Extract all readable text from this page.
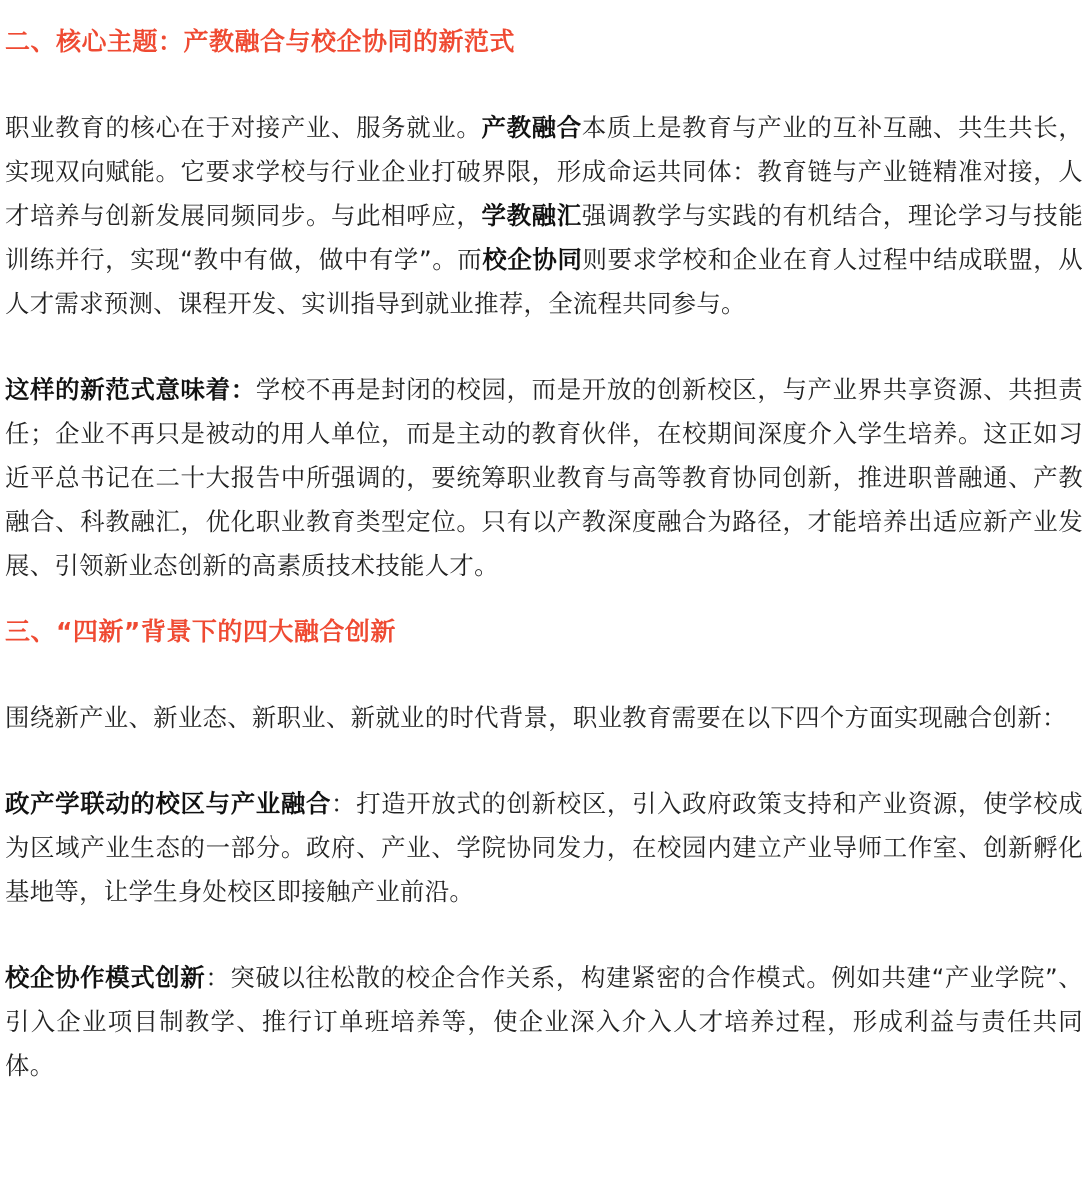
二、核心主题：产教融合与校企协同的新范式

职业教育的核心在于对接产业、服务就业。产教融合本质上是教育与产业的互补互融、共生共长，实现双向赋能。它要求学校与行业企业打破界限，形成命运共同体：教育链与产业链精准对接，人才培养与创新发展同频同步。与此相呼应，学教融汇强调教学与实践的有机结合，理论学习与技能训练并行，实现“教中有做，做中有学”。而校企协同则要求学校和企业在育人过程中结成联盟，从人才需求预测、课程开发、实训指导到就业推荐，全流程共同参与。

这样的新范式意味着：学校不再是封闭的校园，而是开放的创新校区，与产业界共享资源、共担责任；企业不再只是被动的用人单位，而是主动的教育伙伴，在校期间深度介入学生培养。这正如习近平总书记在二十大报告中所强调的，要统筹职业教育与高等教育协同创新，推进职普融通、产教融合、科教融汇，优化职业教育类型定位。只有以产教深度融合为路径，才能培养出适应新产业发展、引领新业态创新的高素质技术技能人才。

三、“四新”背景下的四大融合创新

围绕新产业、新业态、新职业、新就业的时代背景，职业教育需要在以下四个方面实现融合创新：

政产学联动的校区与产业融合：打造开放式的创新校区，引入政府政策支持和产业资源，使学校成为区域产业生态的一部分。政府、产业、学院协同发力，在校园内建立产业导师工作室、创新孵化基地等，让学生身处校区即接触产业前沿。

校企协作模式创新：突破以往松散的校企合作关系，构建紧密的合作模式。例如共建“产业学院”、引入企业项目制教学、推行订单班培养等，使企业深入介入人才培养过程，形成利益与责任共同体。
